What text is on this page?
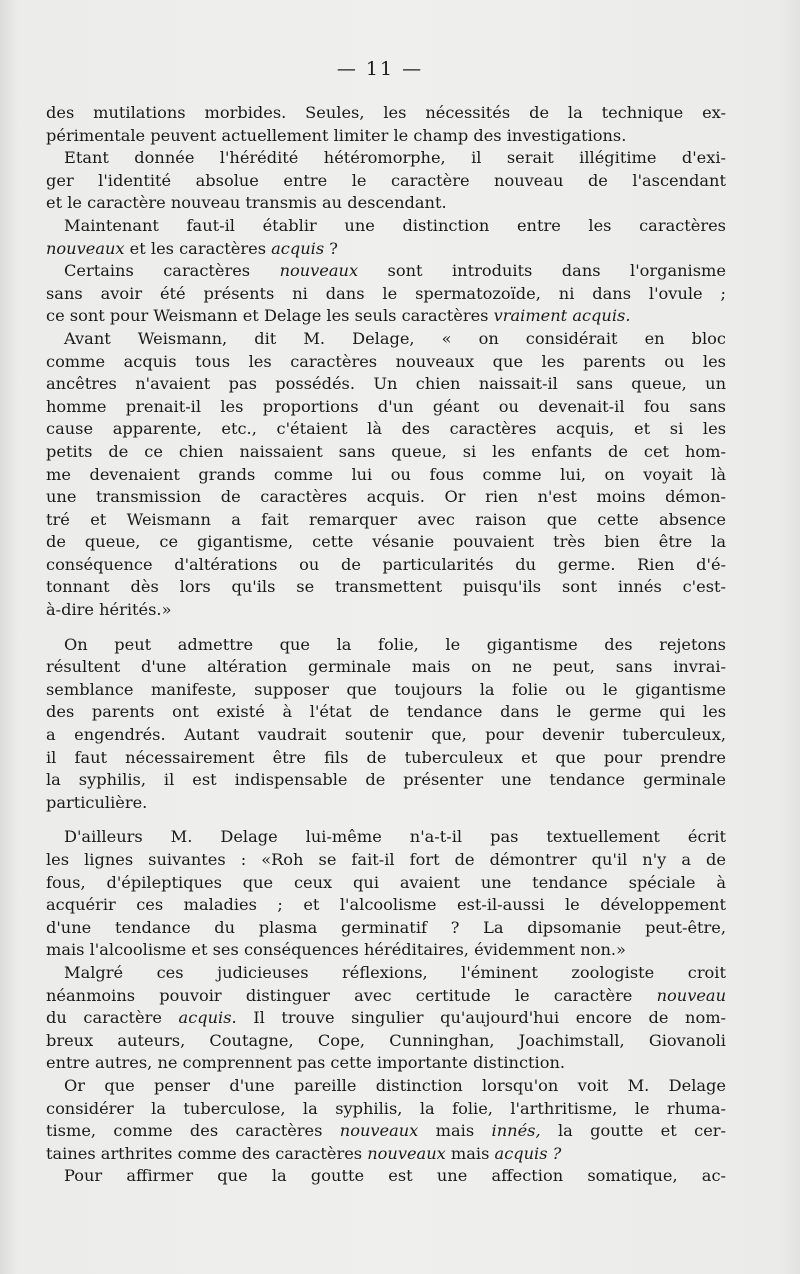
— 11 —
des mutilations morbides. Seules, les nécessités de la technique ex-
périmentale peuvent actuellement limiter le champ des investigations.
Etant donnée l'hérédité hétéromorphe, il serait illégitime d'exi-
ger l'identité absolue entre le caractère nouveau de l'ascendant
et le caractère nouveau transmis au descendant.
Maintenant faut-il établir une distinction entre les caractères
nouveaux et les caractères acquis ?
Certains caractères nouveaux sont introduits dans l'organisme
sans avoir été présents ni dans le spermatozoïde, ni dans l'ovule ;
ce sont pour Weismann et Delage les seuls caractères vraiment acquis.
Avant Weismann, dit M. Delage, « on considérait en bloc
comme acquis tous les caractères nouveaux que les parents ou les
ancêtres n'avaient pas possédés. Un chien naissait-il sans queue, un
homme prenait-il les proportions d'un géant ou devenait-il fou sans
cause apparente, etc., c'étaient là des caractères acquis, et si les
petits de ce chien naissaient sans queue, si les enfants de cet hom-
me devenaient grands comme lui ou fous comme lui, on voyait là
une transmission de caractères acquis. Or rien n'est moins démon-
tré et Weismann a fait remarquer avec raison que cette absence
de queue, ce gigantisme, cette vésanie pouvaient très bien être la
conséquence d'altérations ou de particularités du germe. Rien d'é-
tonnant dès lors qu'ils se transmettent puisqu'ils sont innés c'est-
à-dire hérités.»
On peut admettre que la folie, le gigantisme des rejetons
résultent d'une altération germinale mais on ne peut, sans invrai-
semblance manifeste, supposer que toujours la folie ou le gigantisme
des parents ont existé à l'état de tendance dans le germe qui les
a engendrés. Autant vaudrait soutenir que, pour devenir tuberculeux,
il faut nécessairement être fils de tuberculeux et que pour prendre
la syphilis, il est indispensable de présenter une tendance germinale
particulière.
D'ailleurs M. Delage lui-même n'a-t-il pas textuellement écrit
les lignes suivantes : «Roh se fait-il fort de démontrer qu'il n'y a de
fous, d'épileptiques que ceux qui avaient une tendance spéciale à
acquérir ces maladies ; et l'alcoolisme est-il-aussi le développement
d'une tendance du plasma germinatif ? La dipsomanie peut-être,
mais l'alcoolisme et ses conséquences héréditaires, évidemment non.»
Malgré ces judicieuses réflexions, l'éminent zoologiste croit
néanmoins pouvoir distinguer avec certitude le caractère nouveau
du caractère acquis. Il trouve singulier qu'aujourd'hui encore de nom-
breux auteurs, Coutagne, Cope, Cunninghan, Joachimstall, Giovanoli
entre autres, ne comprennent pas cette importante distinction.
Or que penser d'une pareille distinction lorsqu'on voit M. Delage
considérer la tuberculose, la syphilis, la folie, l'arthritisme, le rhuma-
tisme, comme des caractères nouveaux mais innés, la goutte et cer-
taines arthrites comme des caractères nouveaux mais acquis ?
Pour affirmer que la goutte est une affection somatique, ac-
